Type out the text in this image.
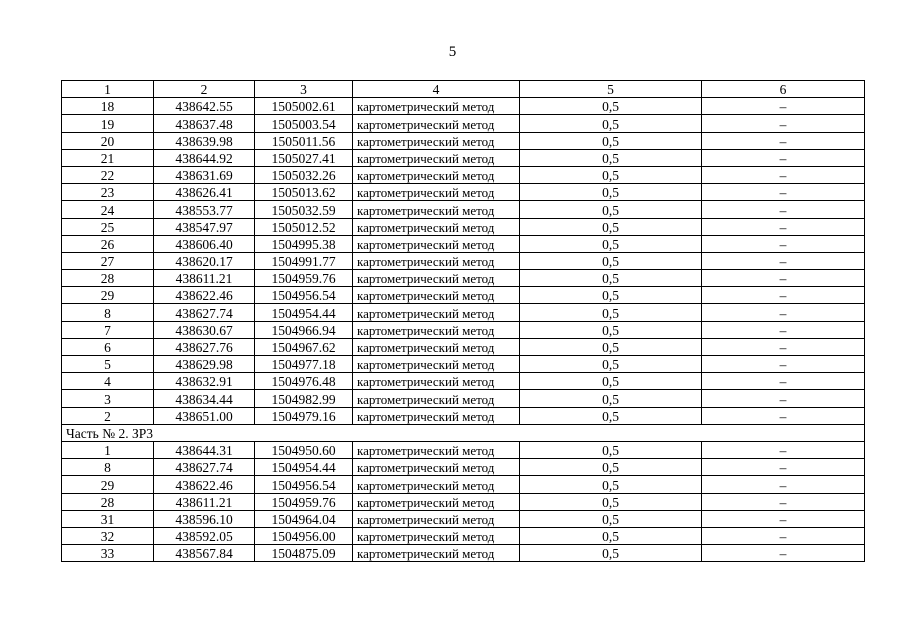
5
1	2	3	4	5	6
18	438642.55	1505002.61	картометрический метод	0,5	–
19	438637.48	1505003.54	картометрический метод	0,5	–
20	438639.98	1505011.56	картометрический метод	0,5	–
21	438644.92	1505027.41	картометрический метод	0,5	–
22	438631.69	1505032.26	картометрический метод	0,5	–
23	438626.41	1505013.62	картометрический метод	0,5	–
24	438553.77	1505032.59	картометрический метод	0,5	–
25	438547.97	1505012.52	картометрический метод	0,5	–
26	438606.40	1504995.38	картометрический метод	0,5	–
27	438620.17	1504991.77	картометрический метод	0,5	–
28	438611.21	1504959.76	картометрический метод	0,5	–
29	438622.46	1504956.54	картометрический метод	0,5	–
8	438627.74	1504954.44	картометрический метод	0,5	–
7	438630.67	1504966.94	картометрический метод	0,5	–
6	438627.76	1504967.62	картометрический метод	0,5	–
5	438629.98	1504977.18	картометрический метод	0,5	–
4	438632.91	1504976.48	картометрический метод	0,5	–
3	438634.44	1504982.99	картометрический метод	0,5	–
2	438651.00	1504979.16	картометрический метод	0,5	–
Часть № 2. ЗР3					
1	438644.31	1504950.60	картометрический метод	0,5	–
8	438627.74	1504954.44	картометрический метод	0,5	–
29	438622.46	1504956.54	картометрический метод	0,5	–
28	438611.21	1504959.76	картометрический метод	0,5	–
31	438596.10	1504964.04	картометрический метод	0,5	–
32	438592.05	1504956.00	картометрический метод	0,5	–
33	438567.84	1504875.09	картометрический метод	0,5	–
